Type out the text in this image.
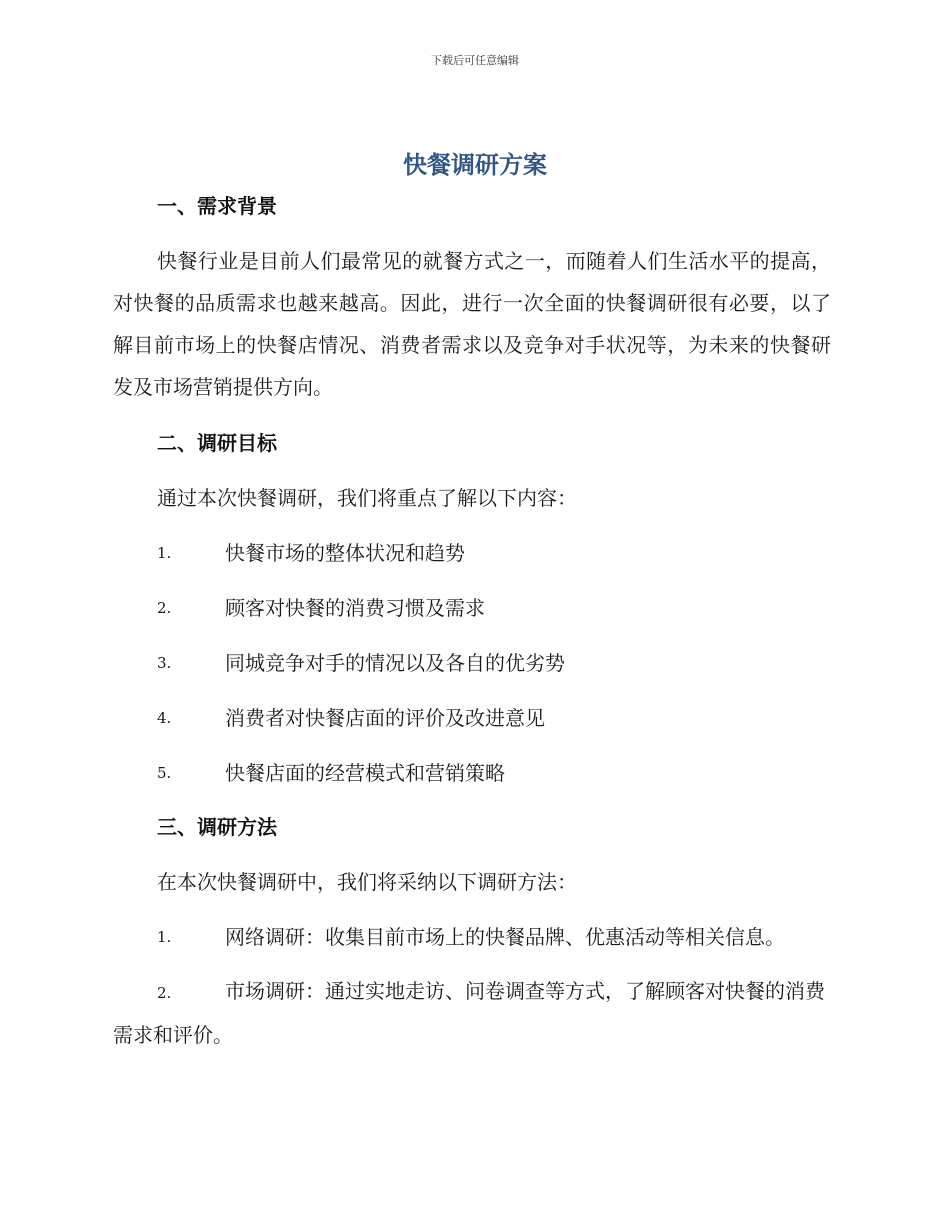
下载后可任意编辑
快餐调研方案
一、需求背景

快餐行业是目前人们最常见的就餐方式之一，而随着人们生活水平的提高，对快餐的品质需求也越来越高。因此，进行一次全面的快餐调研很有必要，以了解目前市场上的快餐店情况、消费者需求以及竞争对手状况等，为未来的快餐研发及市场营销提供方向。

二、调研目标
通过本次快餐调研，我们将重点了解以下内容：
1.	快餐市场的整体状况和趋势
2.	顾客对快餐的消费习惯及需求
3.	同城竞争对手的情况以及各自的优劣势
4.	消费者对快餐店面的评价及改进意见
5.	快餐店面的经营模式和营销策略
三、调研方法
在本次快餐调研中，我们将采纳以下调研方法：
1.	网络调研：收集目前市场上的快餐品牌、优惠活动等相关信息。

2.	市场调研：通过实地走访、问卷调查等方式，了解顾客对快餐的消费需求和评价。
